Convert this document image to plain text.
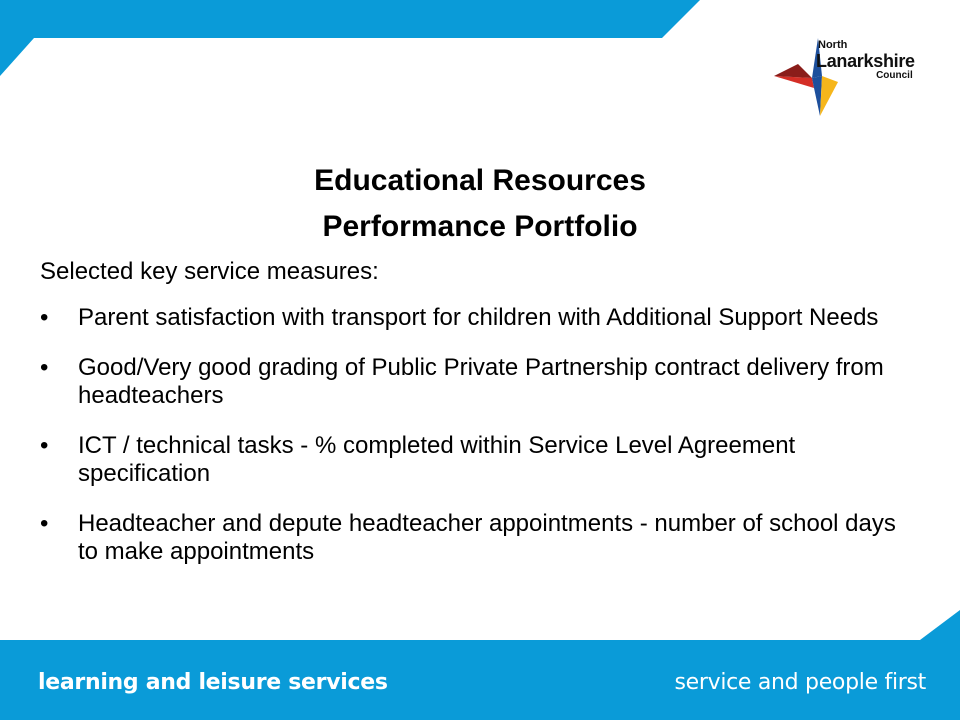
North
Lanarkshire
Council
Educational Resources
Performance Portfolio

Selected key service measures:

• Parent satisfaction with transport for children with Additional Support Needs
• Good/Very good grading of Public Private Partnership contract delivery from headteachers
• ICT / technical tasks - % completed within Service Level Agreement specification
• Headteacher and depute headteacher appointments - number of school days to make appointments
learning and leisure services	service and people first
